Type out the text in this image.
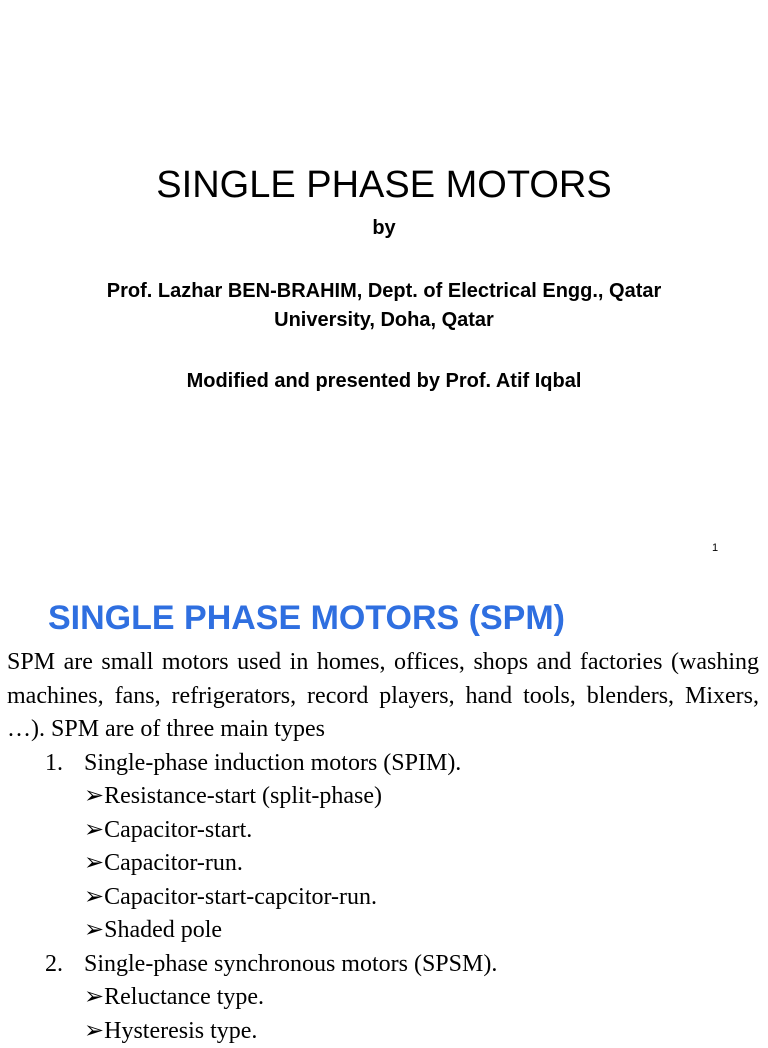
SINGLE PHASE MOTORS
by
Prof. Lazhar BEN-BRAHIM, Dept. of Electrical Engg., Qatar University, Doha, Qatar
Modified and presented by Prof. Atif Iqbal
1
SINGLE PHASE MOTORS (SPM)

SPM are small motors used in homes, offices, shops and factories (washing machines, fans, refrigerators, record players, hand tools, blenders, Mixers, …). SPM are of three main types

1. Single-phase induction motors (SPIM).
➢Resistance-start (split-phase)
➢Capacitor-start.
➢Capacitor-run.
➢Capacitor-start-capcitor-run.
➢Shaded pole
2. Single-phase synchronous motors (SPSM).
➢Reluctance type.
➢Hysteresis type.
